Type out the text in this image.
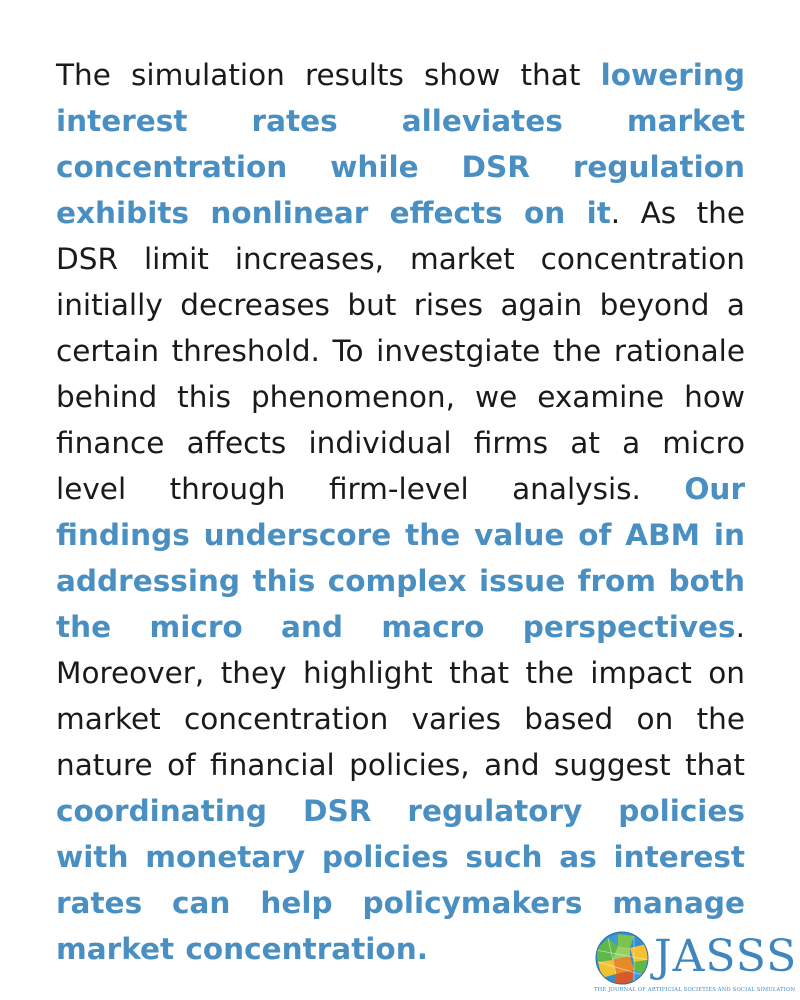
The simulation results show that lowering interest rates alleviates market concentration while DSR regulation exhibits nonlinear effects on it. As the DSR limit increases, market concentration initially decreases but rises again beyond a certain threshold. To investgiate the rationale behind this phenomenon, we examine how finance affects individual firms at a micro level through firm-level analysis. Our findings underscore the value of ABM in addressing this complex issue from both the micro and macro perspectives. Moreover, they highlight that the impact on market concentration varies based on the nature of financial policies, and suggest that coordinating DSR regulatory policies with monetary policies such as interest rates can help policymakers manage market concentration.	JASSS
THE JOURNAL OF ARTIFICIAL SOCIETIES AND SOCIAL SIMULATION
